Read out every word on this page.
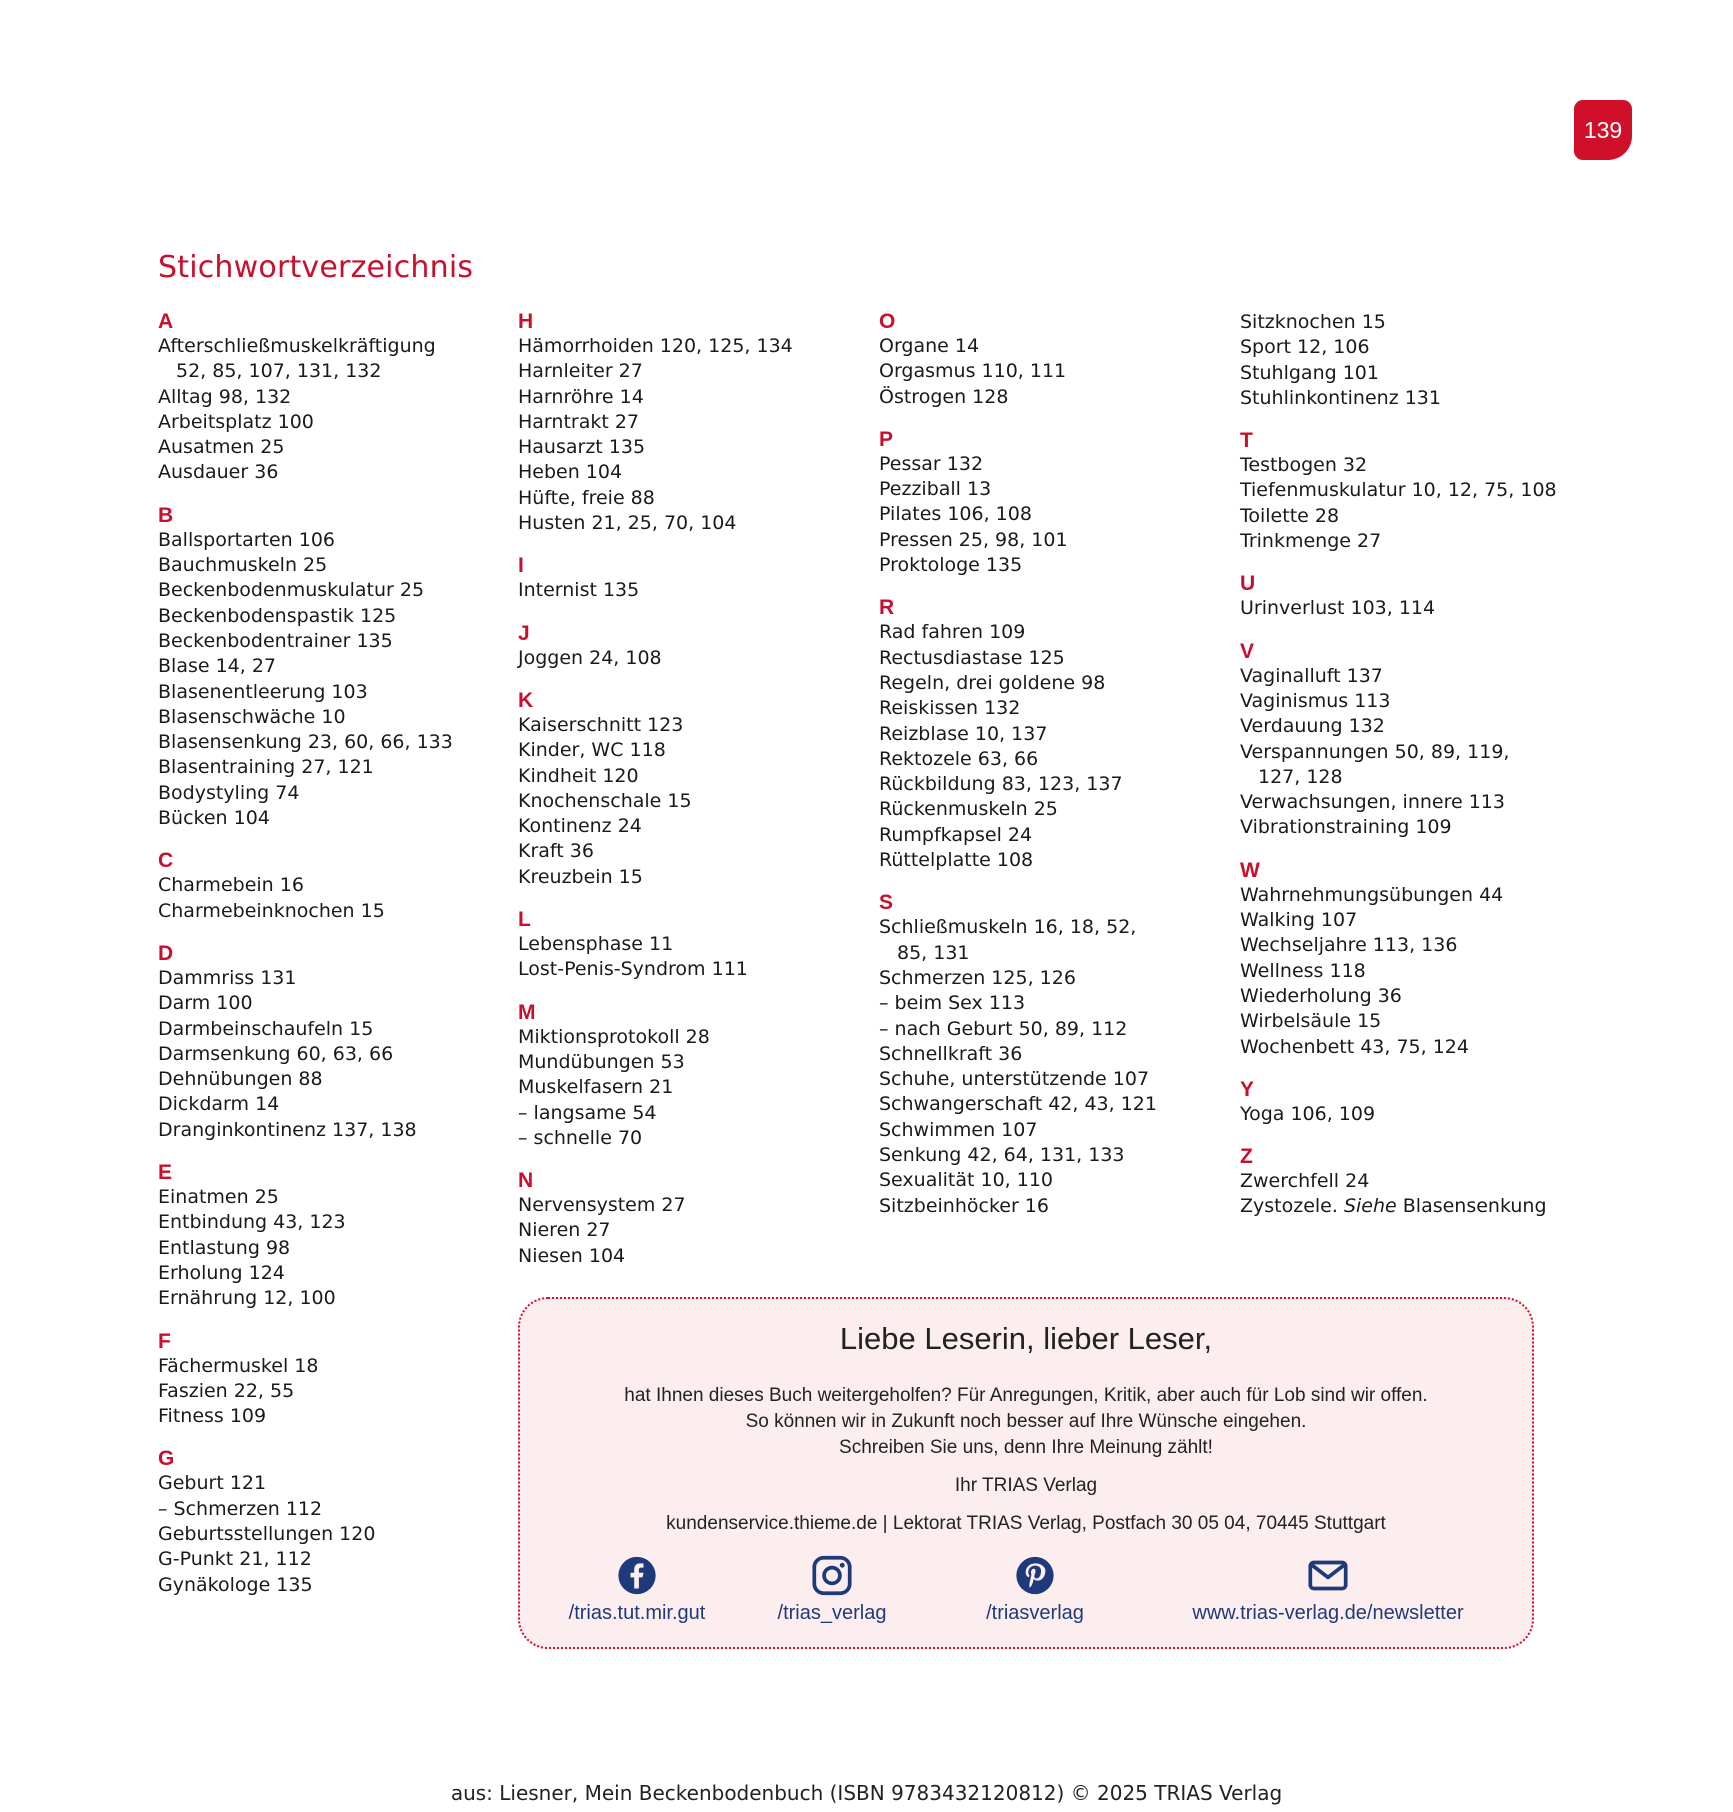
139
Stichwortverzeichnis
A
Afterschließmuskelkräftigung
52, 85, 107, 131, 132
Alltag 98, 132
Arbeitsplatz 100
Ausatmen 25
Ausdauer 36
B
Ballsportarten 106
Bauchmuskeln 25
Beckenbodenmuskulatur 25
Beckenbodenspastik 125
Beckenbodentrainer 135
Blase 14, 27
Blasenentleerung 103
Blasenschwäche 10
Blasensenkung 23, 60, 66, 133
Blasentraining 27, 121
Bodystyling 74
Bücken 104
C
Charmebein 16
Charmebeinknochen 15
D
Dammriss 131
Darm 100
Darmbeinschaufeln 15
Darmsenkung 60, 63, 66
Dehnübungen 88
Dickdarm 14
Dranginkontinenz 137, 138
E
Einatmen 25
Entbindung 43, 123
Entlastung 98
Erholung 124
Ernährung 12, 100
F
Fächermuskel 18
Faszien 22, 55
Fitness 109
G
Geburt 121
– Schmerzen 112
Geburtsstellungen 120
G-Punkt 21, 112
Gynäkologe 135
H
Hämorrhoiden 120, 125, 134
Harnleiter 27
Harnröhre 14
Harntrakt 27
Hausarzt 135
Heben 104
Hüfte, freie 88
Husten 21, 25, 70, 104
I
Internist 135
J
Joggen 24, 108
K
Kaiserschnitt 123
Kinder, WC 118
Kindheit 120
Knochenschale 15
Kontinenz 24
Kraft 36
Kreuzbein 15
L
Lebensphase 11
Lost-Penis-Syndrom 111
M
Miktionsprotokoll 28
Mundübungen 53
Muskelfasern 21
– langsame 54
– schnelle 70
N
Nervensystem 27
Nieren 27
Niesen 104
O
Organe 14
Orgasmus 110, 111
Östrogen 128
P
Pessar 132
Pezziball 13
Pilates 106, 108
Pressen 25, 98, 101
Proktologe 135
R
Rad fahren 109
Rectusdiastase 125
Regeln, drei goldene 98
Reiskissen 132
Reizblase 10, 137
Rektozele 63, 66
Rückbildung 83, 123, 137
Rückenmuskeln 25
Rumpfkapsel 24
Rüttelplatte 108
S
Schließmuskeln 16, 18, 52,
85, 131
Schmerzen 125, 126
– beim Sex 113
– nach Geburt 50, 89, 112
Schnellkraft 36
Schuhe, unterstützende 107
Schwangerschaft 42, 43, 121
Schwimmen 107
Senkung 42, 64, 131, 133
Sexualität 10, 110
Sitzbeinhöcker 16
Sitzknochen 15
Sport 12, 106
Stuhlgang 101
Stuhlinkontinenz 131
T
Testbogen 32
Tiefenmuskulatur 10, 12, 75, 108
Toilette 28
Trinkmenge 27
U
Urinverlust 103, 114
V
Vaginalluft 137
Vaginismus 113
Verdauung 132
Verspannungen 50, 89, 119,
127, 128
Verwachsungen, innere 113
Vibrationstraining 109
W
Wahrnehmungsübungen 44
Walking 107
Wechseljahre 113, 136
Wellness 118
Wiederholung 36
Wirbelsäule 15
Wochenbett 43, 75, 124
Y
Yoga 106, 109
Z
Zwerchfell 24
Zystozele. Siehe Blasensenkung
Liebe Leserin, lieber Leser,
hat Ihnen dieses Buch weitergeholfen? Für Anregungen, Kritik, aber auch für Lob sind wir offen.
So können wir in Zukunft noch besser auf Ihre Wünsche eingehen.
Schreiben Sie uns, denn Ihre Meinung zählt!
Ihr TRIAS Verlag
kundenservice.thieme.de | Lektorat TRIAS Verlag, Postfach 30 05 04, 70445 Stuttgart
/trias.tut.mir.gut	/trias_verlag	/triasverlag	www.trias-verlag.de/newsletter
aus: Liesner, Mein Beckenbodenbuch (ISBN 9783432120812) © 2025 TRIAS Verlag
